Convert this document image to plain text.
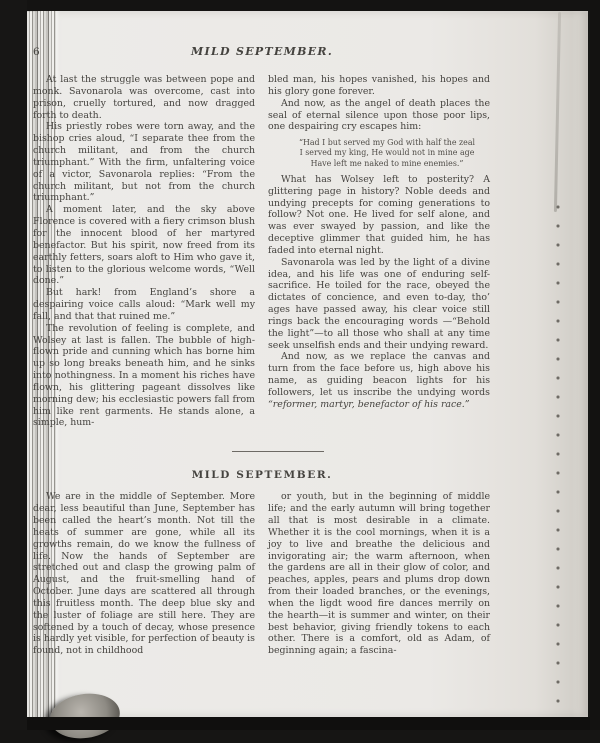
6	MILD SEPTEMBER.

At last the struggle was between pope and monk. Savonarola was overcome, cast into prison, cruelly tortured, and now dragged forth to death.

His priestly robes were torn away, and the bishop cries aloud, “I separate thee from the church militant, and from the church triumphant.” With the firm, unfaltering voice of a victor, Savonarola replies: “From the church militant, but not from the church triumphant.”

A moment later, and the sky above Florence is covered with a fiery crimson blush for the innocent blood of her martyred benefactor. But his spirit, now freed from its earthly fetters, soars aloft to Him who gave it, to listen to the glorious welcome words, “Well done.”

But hark! from England’s shore a despairing voice calls aloud: “Mark well my fall, and that that ruined me.”

The revolution of feeling is complete, and Wolsey at last is fallen. The bubble of high-flown pride and cunning which has borne him up so long breaks beneath him, and he sinks into nothingness. In a moment his riches have flown, his glittering pageant dissolves like morning dew; his ecclesiastic powers fall from him like rent garments. He stands alone, a simple, hum-

bled man, his hopes vanished, his hopes and his glory gone forever.

And now, as the angel of death places the seal of eternal silence upon those poor lips, one despairing cry escapes him:

“Had I but served my God with half the zeal
I served my king, He would not in mine age
Have left me naked to mine enemies.”

What has Wolsey left to posterity? A glittering page in history? Noble deeds and undying precepts for coming generations to follow? Not one. He lived for self alone, and was ever swayed by passion, and like the deceptive glimmer that guided him, he has faded into eternal night.

Savonarola was led by the light of a divine idea, and his life was one of enduring self-sacrifice. He toiled for the race, obeyed the dictates of concience, and even to-day, tho’ ages have passed away, his clear voice still rings back the encouraging words —“Behold the light”—to all those who shall at any time seek unselfish ends and their undying reward.

And now, as we replace the canvas and turn from the face before us, high above his name, as guiding beacon lights for his followers, let us inscribe the undying words “reformer, martyr, benefactor of his race.”

MILD SEPTEMBER.

We are in the middle of September. More dear, less beautiful than June, September has been called the heart’s month. Not till the heats of summer are gone, while all its growths remain, do we know the fullness of life. Now the hands of September are stretched out and clasp the growing palm of August, and the fruit-smelling hand of October. June days are scattered all through this fruitless month. The deep blue sky and the luster of foliage are still here. They are softened by a touch of decay, whose presence is hardly yet visible, for perfection of beauty is found, not in childhood

or youth, but in the beginning of middle life; and the early autumn will bring together all that is most desirable in a climate. Whether it is the cool mornings, when it is a joy to live and breathe the delicious and invigorating air; the warm afternoon, when the gardens are all in their glow of color, and peaches, apples, pears and plums drop down from their loaded branches, or the evenings, when the ligdt wood fire dances merrily on the hearth—it is summer and winter, on their best behavior, giving friendly tokens to each other. There is a comfort, old as Adam, of beginning again; a fascina-
